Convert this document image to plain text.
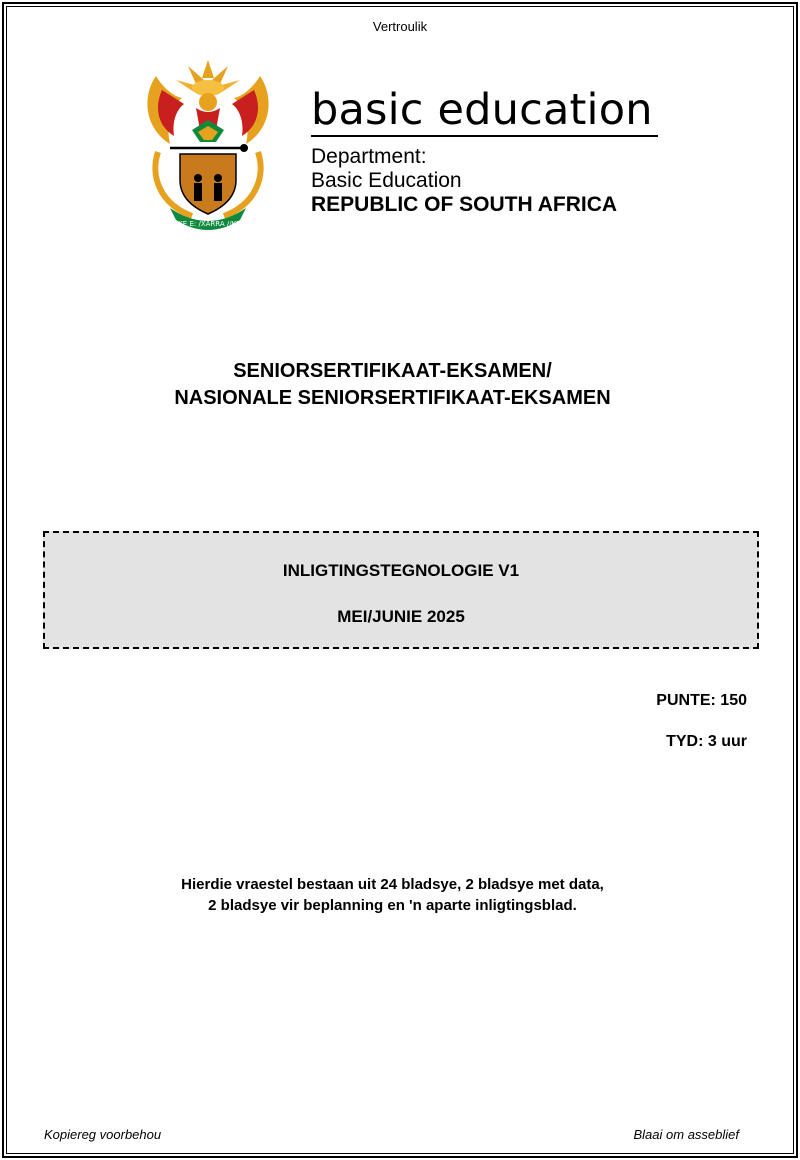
Vertroulik
!KE E: /XARRA //KE
basic education
Department:
Basic Education
REPUBLIC OF SOUTH AFRICA
SENIORSERTIFIKAAT-EKSAMEN/
NASIONALE SENIORSERTIFIKAAT-EKSAMEN
INLIGTINGSTEGNOLOGIE V1
MEI/JUNIE 2025
PUNTE: 150
TYD: 3 uur
Hierdie vraestel bestaan uit 24 bladsye, 2 bladsye met data,
2 bladsye vir beplanning en 'n aparte inligtingsblad.
Kopiereg voorbehou	Blaai om asseblief
